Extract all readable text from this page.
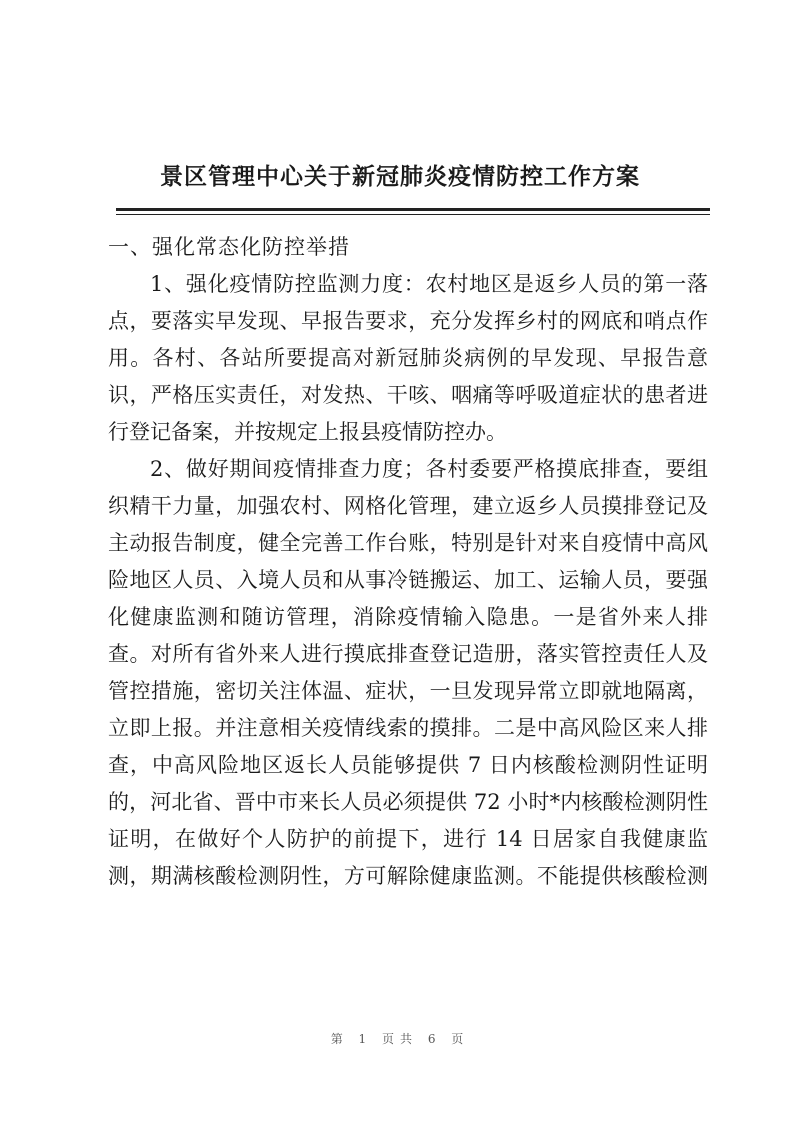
景区管理中心关于新冠肺炎疫情防控工作方案
一、强化常态化防控举措
1、强化疫情防控监测力度：农村地区是返乡人员的第一落
点，要落实早发现、早报告要求，充分发挥乡村的网底和哨点作
用。各村、各站所要提高对新冠肺炎病例的早发现、早报告意
识，严格压实责任，对发热、干咳、咽痛等呼吸道症状的患者进
行登记备案，并按规定上报县疫情防控办。
2、做好期间疫情排查力度；各村委要严格摸底排查，要组
织精干力量，加强农村、网格化管理，建立返乡人员摸排登记及
主动报告制度，健全完善工作台账，特别是针对来自疫情中高风
险地区人员、入境人员和从事冷链搬运、加工、运输人员，要强
化健康监测和随访管理，消除疫情输入隐患。一是省外来人排
查。对所有省外来人进行摸底排查登记造册，落实管控责任人及
管控措施，密切关注体温、症状，一旦发现异常立即就地隔离，
立即上报。并注意相关疫情线索的摸排。二是中高风险区来人排
查，中高风险地区返长人员能够提供 7 日内核酸检测阴性证明
的，河北省、晋中市来长人员必须提供 72 小时*内核酸检测阴性
证明，在做好个人防护的前提下，进行 14 日居家自我健康监
测，期满核酸检测阴性，方可解除健康监测。不能提供核酸检测
第 1 页共 6 页
